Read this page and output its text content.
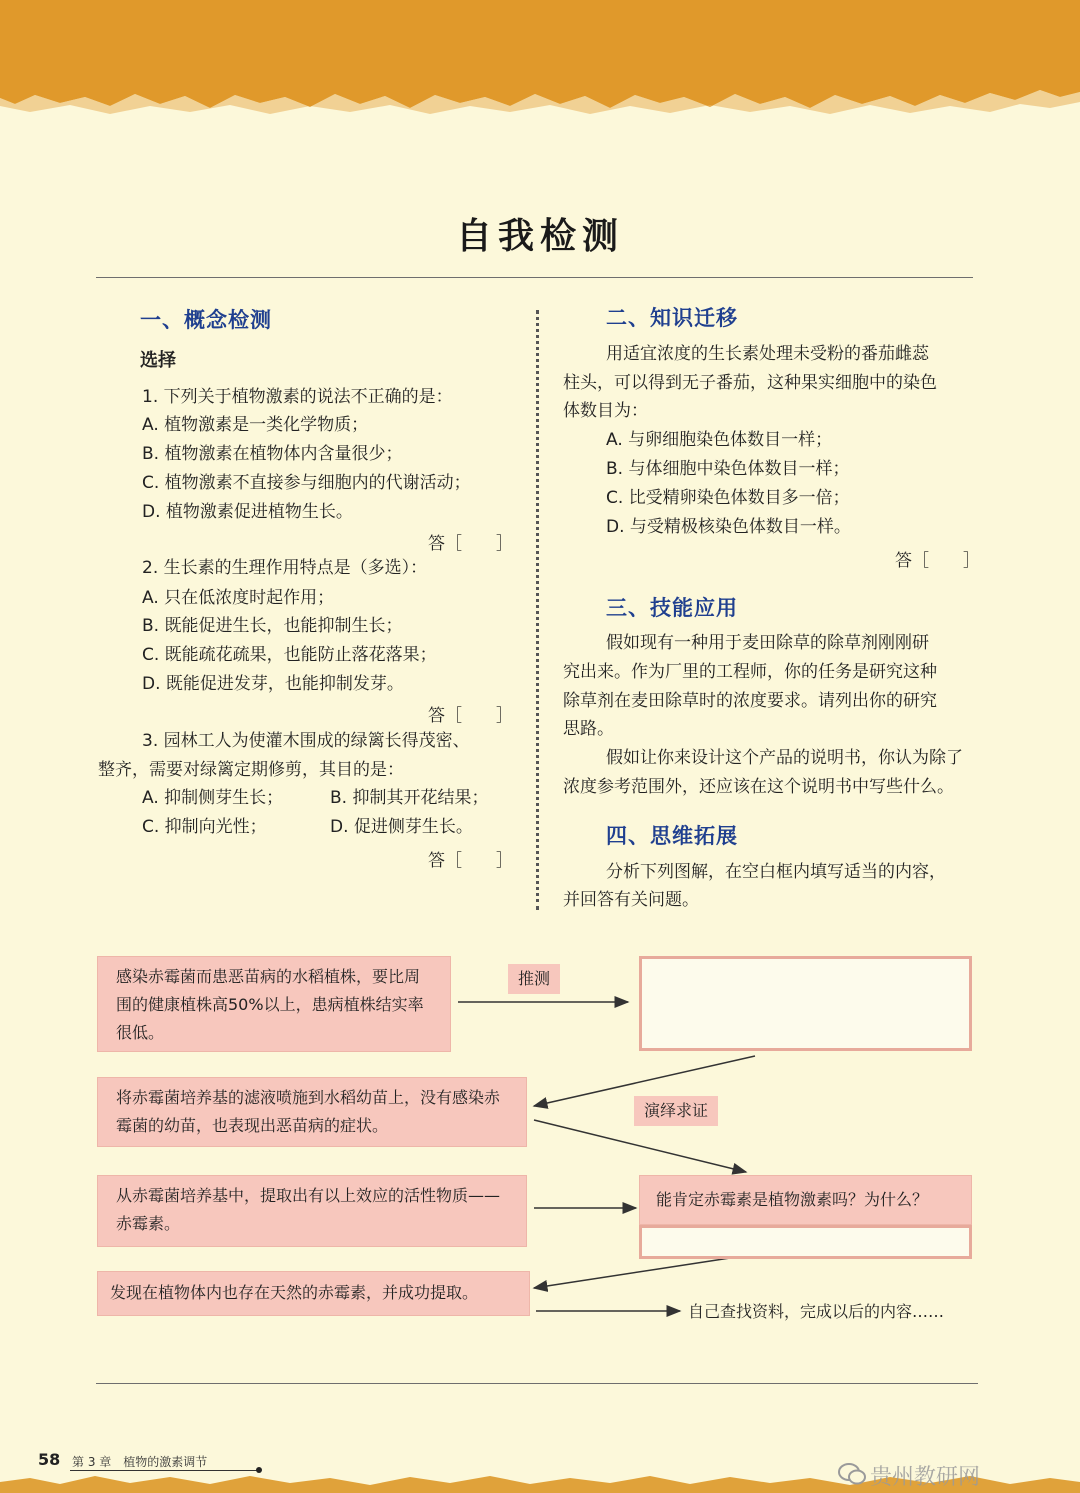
自我检测
一、概念检测
选择
1. 下列关于植物激素的说法不正确的是：
A. 植物激素是一类化学物质；
B. 植物激素在植物体内含量很少；
C. 植物激素不直接参与细胞内的代谢活动；
D. 植物激素促进植物生长。
答［　　］
2. 生长素的生理作用特点是（多选）：
A. 只在低浓度时起作用；
B. 既能促进生长，也能抑制生长；
C. 既能疏花疏果，也能防止落花落果；
D. 既能促进发芽，也能抑制发芽。
答［　　］
3. 园林工人为使灌木围成的绿篱长得茂密、
整齐，需要对绿篱定期修剪，其目的是：
A. 抑制侧芽生长；	B. 抑制其开花结果；
C. 抑制向光性；	D. 促进侧芽生长。
答［　　］
二、知识迁移
用适宜浓度的生长素处理未受粉的番茄雌蕊
柱头，可以得到无子番茄，这种果实细胞中的染色
体数目为：
A. 与卵细胞染色体数目一样；
B. 与体细胞中染色体数目一样；
C. 比受精卵染色体数目多一倍；
D. 与受精极核染色体数目一样。
答［　　］
三、技能应用
假如现有一种用于麦田除草的除草剂刚刚研
究出来。作为厂里的工程师，你的任务是研究这种
除草剂在麦田除草时的浓度要求。请列出你的研究
思路。
假如让你来设计这个产品的说明书，你认为除了
浓度参考范围外，还应该在这个说明书中写些什么。
四、思维拓展
分析下列图解，在空白框内填写适当的内容，
并回答有关问题。
感染赤霉菌而患恶苗病的水稻植株，要比周围的健康植株高50%以上，患病植株结实率很低。
推测
将赤霉菌培养基的滤液喷施到水稻幼苗上，没有感染赤霉菌的幼苗，也表现出恶苗病的症状。
演绎求证
从赤霉菌培养基中，提取出有以上效应的活性物质——赤霉素。
能肯定赤霉素是植物激素吗？为什么？
发现在植物体内也存在天然的赤霉素，并成功提取。
自己查找资料，完成以后的内容……
58 第 3 章　植物的激素调节
贵州教研网
